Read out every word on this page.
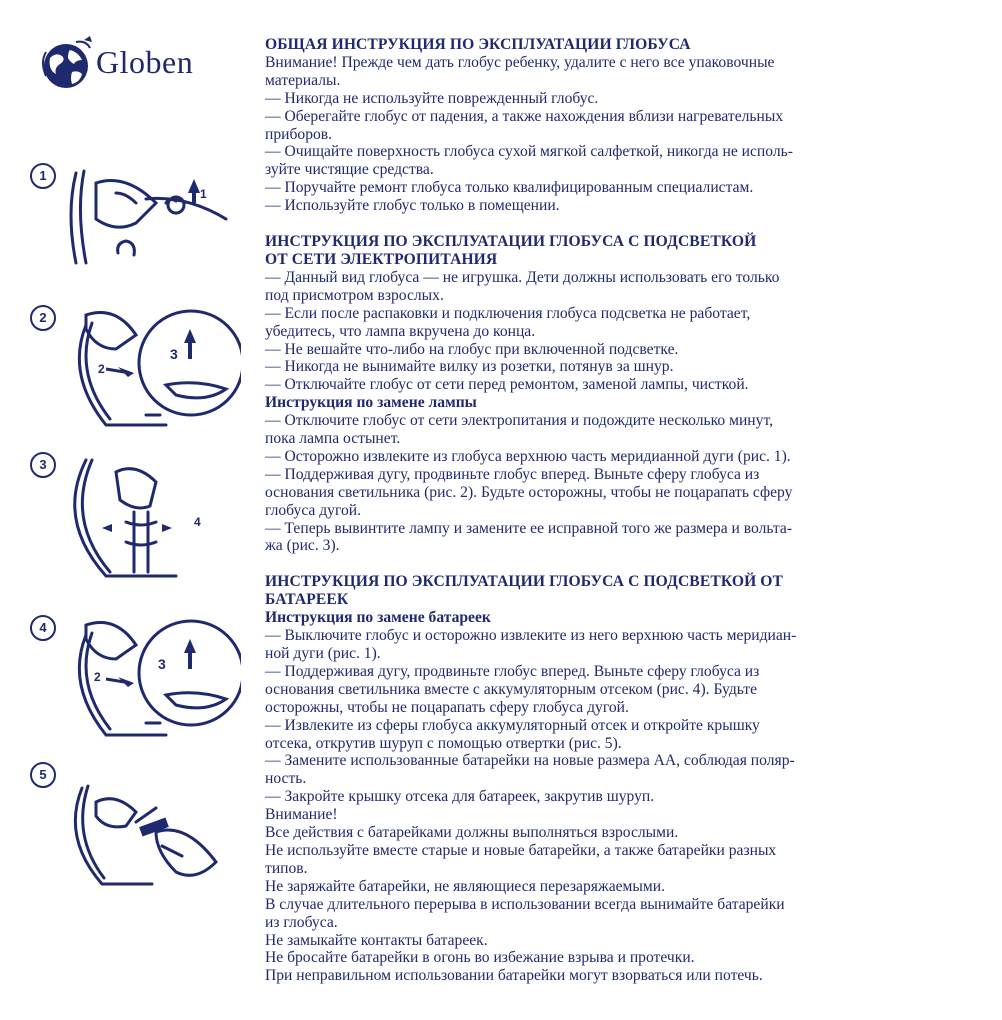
Globen
1
1
2
2
3
3
4
4
2
3
5
ОБЩАЯ ИНСТРУКЦИЯ ПО ЭКСПЛУАТАЦИИ ГЛОБУСА
Внимание! Прежде чем дать глобус ребенку, удалите с него все упаковочные
материалы.
— Никогда не используйте поврежденный глобус.
— Оберегайте глобус от падения, а также нахождения вблизи нагревательных
приборов.
— Очищайте поверхность глобуса сухой мягкой салфеткой, никогда не исполь-
зуйте чистящие средства.
— Поручайте ремонт глобуса только квалифицированным специалистам.
— Используйте глобус только в помещении.
ИНСТРУКЦИЯ ПО ЭКСПЛУАТАЦИИ ГЛОБУСА С ПОДСВЕТКОЙ
ОТ СЕТИ ЭЛЕКТРОПИТАНИЯ
— Данный вид глобуса — не игрушка. Дети должны использовать его только
под присмотром взрослых.
— Если после распаковки и подключения глобуса подсветка не работает,
убедитесь, что лампа вкручена до конца.
— Не вешайте что-либо на глобус при включенной подсветке.
— Никогда не вынимайте вилку из розетки, потянув за шнур.
— Отключайте глобус от сети перед ремонтом, заменой лампы, чисткой.
Инструкция по замене лампы
— Отключите глобус от сети электропитания и подождите несколько минут,
пока лампа остынет.
— Осторожно извлеките из глобуса верхнюю часть меридианной дуги (рис. 1).
— Поддерживая дугу, продвиньте глобус вперед. Выньте сферу глобуса из
основания светильника (рис. 2). Будьте осторожны, чтобы не поцарапать сферу
глобуса дугой.
— Теперь вывинтите лампу и замените ее исправной того же размера и вольта-
жа (рис. 3).
ИНСТРУКЦИЯ ПО ЭКСПЛУАТАЦИИ ГЛОБУСА С ПОДСВЕТКОЙ ОТ
БАТАРЕЕК
Инструкция по замене батареек
— Выключите глобус и осторожно извлеките из него верхнюю часть меридиан-
ной дуги (рис. 1).
— Поддерживая дугу, продвиньте глобус вперед. Выньте сферу глобуса из
основания светильника вместе с аккумуляторным отсеком (рис. 4). Будьте
осторожны, чтобы не поцарапать сферу глобуса дугой.
— Извлеките из сферы глобуса аккумуляторный отсек и откройте крышку
отсека, открутив шуруп с помощью отвертки (рис. 5).
— Замените использованные батарейки на новые размера АА, соблюдая поляр-
ность.
— Закройте крышку отсека для батареек, закрутив шуруп.
Внимание!
Все действия с батарейками должны выполняться взрослыми.
Не используйте вместе старые и новые батарейки, а также батарейки разных
типов.
Не заряжайте батарейки, не являющиеся перезаряжаемыми.
В случае длительного перерыва в использовании всегда вынимайте батарейки
из глобуса.
Не замыкайте контакты батареек.
Не бросайте батарейки в огонь во избежание взрыва и протечки.
При неправильном использовании батарейки могут взорваться или потечь.
